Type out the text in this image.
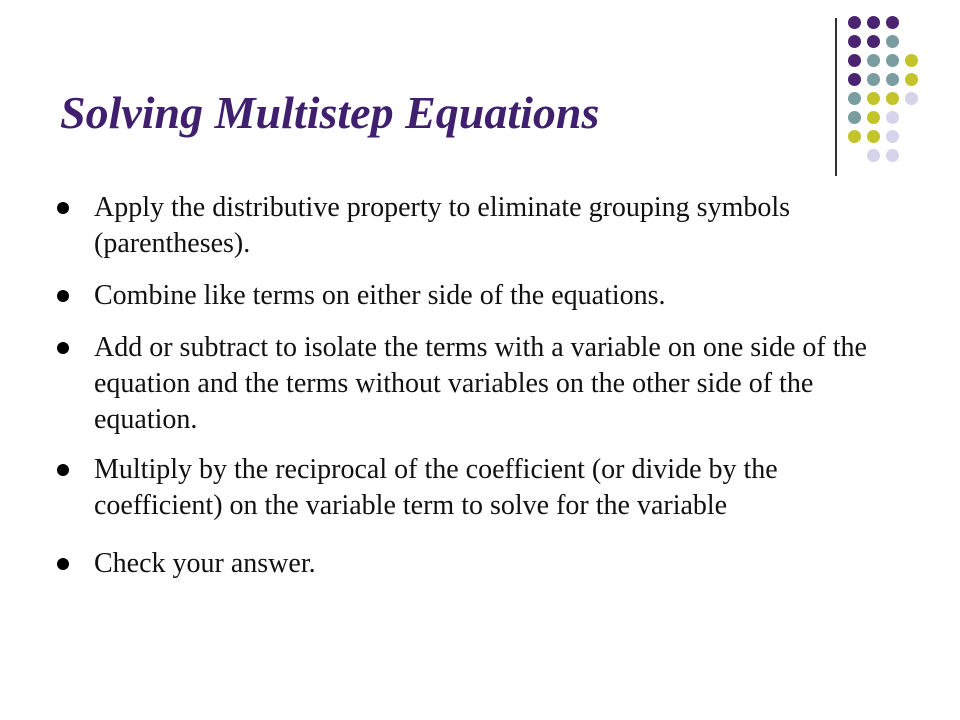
Solving Multistep Equations
Apply the distributive property to eliminate grouping symbols (parentheses).
Combine like terms on either side of the equations.
Add or subtract to isolate the terms with a variable on one side of the equation and the terms without variables on the other side of the equation.
Multiply by the reciprocal of the coefficient (or divide by the coefficient) on the variable term to solve for the variable
Check your answer.
